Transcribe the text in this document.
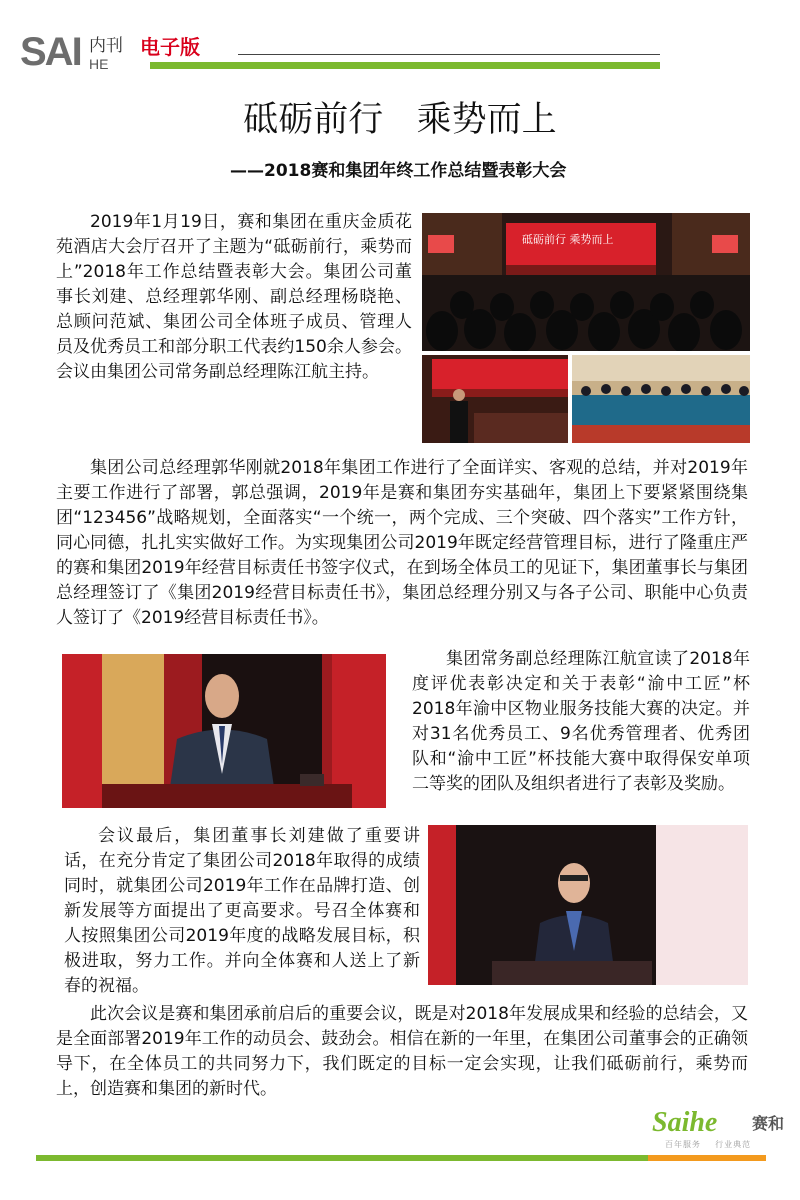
SAI 内刊
HE
电子版
砥砺前行   乘势而上
——2018赛和集团年终工作总结暨表彰大会
砥砺前行 乘势而上

2019年1月19日，赛和集团在重庆金质花苑酒店大会厅召开了主题为“砥砺前行，乘势而上”2018年工作总结暨表彰大会。集团公司董事长刘建、总经理郭华刚、副总经理杨晓艳、总顾问范斌、集团公司全体班子成员、管理人员及优秀员工和部分职工代表约150余人参会。会议由集团公司常务副总经理陈江航主持。

集团公司总经理郭华刚就2018年集团工作进行了全面详实、客观的总结，并对2019年主要工作进行了部署，郭总强调，2019年是赛和集团夯实基础年，集团上下要紧紧围绕集团“123456”战略规划，全面落实“一个统一，两个完成、三个突破、四个落实”工作方针，同心同德，扎扎实实做好工作。为实现集团公司2019年既定经营管理目标，进行了隆重庄严的赛和集团2019年经营目标责任书签字仪式，在到场全体员工的见证下，集团董事长与集团总经理签订了《集团2019经营目标责任书》，集团总经理分别又与各子公司、职能中心负责人签订了《2019经营目标责任书》。

集团常务副总经理陈江航宣读了2018年度评优表彰决定和关于表彰“渝中工匠”杯2018年渝中区物业服务技能大赛的决定。并对31名优秀员工、9名优秀管理者、优秀团队和“渝中工匠”杯技能大赛中取得保安单项二等奖的团队及组织者进行了表彰及奖励。

会议最后，集团董事长刘建做了重要讲话，在充分肯定了集团公司2018年取得的成绩同时，就集团公司2019年工作在品牌打造、创新发展等方面提出了更高要求。号召全体赛和人按照集团公司2019年度的战略发展目标，积极进取，努力工作。并向全体赛和人送上了新春的祝福。

此次会议是赛和集团承前启后的重要会议，既是对2018年发展成果和经验的总结会，又是全面部署2019年工作的动员会、鼓劲会。相信在新的一年里，在集团公司董事会的正确领导下，在全体员工的共同努力下，我们既定的目标一定会实现，让我们砥砺前行，乘势而上，创造赛和集团的新时代。

Saihe 赛和
百年服务    行业典范
